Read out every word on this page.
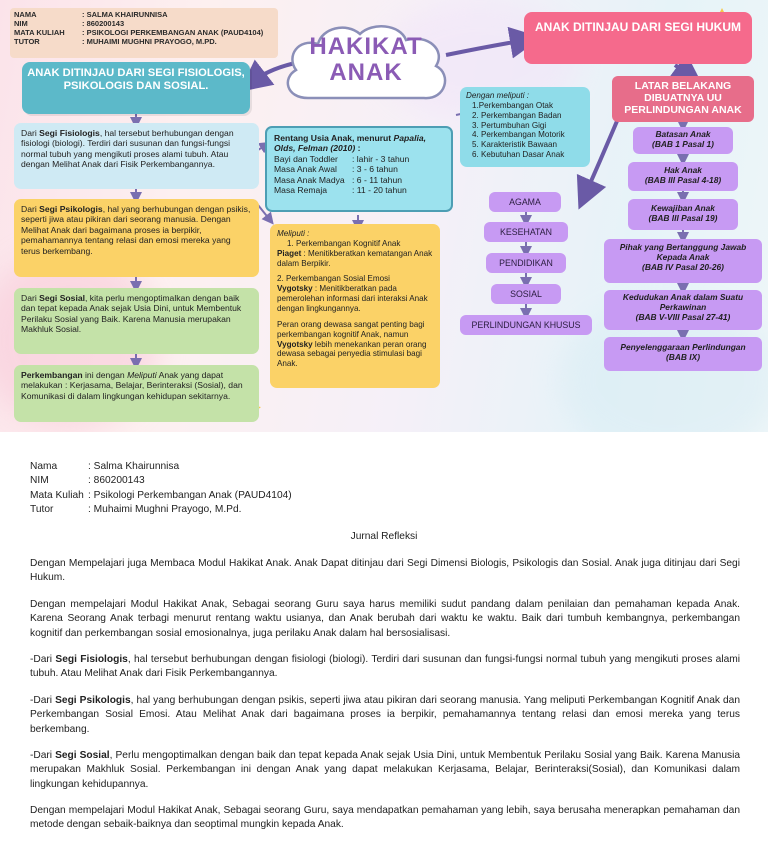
NAMA	: SALMA KHAIRUNNISA
NIM	: 860200143
MATA KULIAH	: PSIKOLOGI PERKEMBANGAN ANAK (PAUD4104)
TUTOR	: MUHAIMI MUGHNI PRAYOGO, M.PD.	HAKIKAT
ANAK
ANAK DITINJAU DARI SEGI FISIOLOGIS, PSIKOLOGIS DAN SOSIAL.
ANAK DITINJAU DARI SEGI HUKUM
LATAR BELAKANG DIBUATNYA UU PERLINDUNGAN ANAK

Dari Segi Fisiologis, hal tersebut berhubungan dengan fisiologi (biologi). Terdiri dari susunan dan fungsi-fungsi normal tubuh yang mengikuti proses alami tubuh. Atau dengan Melihat Anak dari Fisik Perkembangannya.

Dari Segi Psikologis, hal yang berhubungan dengan psikis, seperti jiwa atau pikiran dari seorang manusia. Dengan Melihat Anak dari bagaimana proses ia berpikir, pemahamannya tentang relasi dan emosi mereka yang terus berkembang.

Dari Segi Sosial, kita perlu mengoptimalkan dengan baik dan tepat kepada Anak sejak Usia Dini, untuk Membentuk Perilaku Sosial yang Baik. Karena Manusia merupakan Makhluk Sosial.

Perkembangan ini dengan Meliputi Anak yang dapat melakukan : Kerjasama, Belajar, Berinteraksi (Sosial), dan Komunikasi di dalam lingkungan kehidupan sekitarnya.

Rentang Usia Anak, menurut Papalia, Olds, Felman (2010) :

Bayi dan Toddler	: lahir - 3 tahun
Masa Anak Awal	: 3 - 6 tahun
Masa Anak Madya : 6 - 11 tahun
Masa Remaja	: 11 - 20 tahun

Dengan meliputi :

1.Perkembangan Otak
2. Perkembangan Badan
3. Pertumbuhan Gigi
4. Perkembangan Motorik
5. Karakteristik Bawaan
6. Kebutuhan Dasar Anak

Meliputi :

1. Perkembangan Kognitif Anak

Piaget : Menitikberatkan kematangan Anak dalam Berpikir.

2. Perkembangan Sosial Emosi

Vygotsky : Menitikberatkan pada pemerolehan informasi dari interaksi Anak dengan lingkungannya.

Peran orang dewasa sangat penting bagi perkembangan kognitif Anak, namun Vygotsky lebih menekankan peran orang dewasa sebagai penyedia stimulasi bagi Anak.

AGAMA
KESEHATAN
PENDIDIKAN
SOSIAL
PERLINDUNGAN KHUSUS
Batasan Anak
(BAB 1 Pasal 1)
Hak Anak
(BAB III Pasal 4-18)
Kewajiban Anak
(BAB III Pasal 19)
Pihak yang Bertanggung Jawab Kepada Anak
(BAB IV Pasal 20-26)
Kedudukan Anak dalam Suatu Perkawinan
(BAB V-VIII Pasal 27-41)
Penyelenggaraan Perlindungan
(BAB IX)
Nama	: Salma Khairunnisa
NIM	: 860200143
Mata Kuliah : Psikologi Perkembangan Anak (PAUD4104)
Tutor	: Muhaimi Mughni Prayogo, M.Pd.
Jurnal Refleksi

Dengan Mempelajari juga Membaca Modul Hakikat Anak. Anak Dapat ditinjau dari Segi Dimensi Biologis, Psikologis dan Sosial. Anak juga ditinjau dari Segi Hukum.

Dengan mempelajari Modul Hakikat Anak, Sebagai seorang Guru saya harus memiliki sudut pandang dalam penilaian dan pemahaman kepada Anak. Karena Seorang Anak terbagi menurut rentang waktu usianya, dan Anak berubah dari waktu ke waktu. Baik dari tumbuh kembangnya, perkembangan kognitif dan perkembangan sosial emosionalnya, juga perilaku Anak dalam hal bersosialisasi.

-Dari Segi Fisiologis, hal tersebut berhubungan dengan fisiologi (biologi). Terdiri dari susunan dan fungsi-fungsi normal tubuh yang mengikuti proses alami tubuh. Atau Melihat Anak dari Fisik Perkembangannya.

-Dari Segi Psikologis, hal yang berhubungan dengan psikis, seperti jiwa atau pikiran dari seorang manusia. Yang meliputi Perkembangan Kognitif Anak dan Perkembangan Sosial Emosi. Atau Melihat Anak dari bagaimana proses ia berpikir, pemahamannya tentang relasi dan emosi mereka yang terus berkembang.

-Dari Segi Sosial, Perlu mengoptimalkan dengan baik dan tepat kepada Anak sejak Usia Dini, untuk Membentuk Perilaku Sosial yang Baik. Karena Manusia merupakan Makhluk Sosial. Perkembangan ini dengan Anak yang dapat melakukan Kerjasama, Belajar, Berinteraksi(Sosial), dan Komunikasi dalam lingkungan kehidupannya.

Dengan mempelajari Modul Hakikat Anak, Sebagai seorang Guru, saya mendapatkan pemahaman yang lebih, saya berusaha menerapkan pemahaman dan metode dengan sebaik-baiknya dan seoptimal mungkin kepada Anak.
